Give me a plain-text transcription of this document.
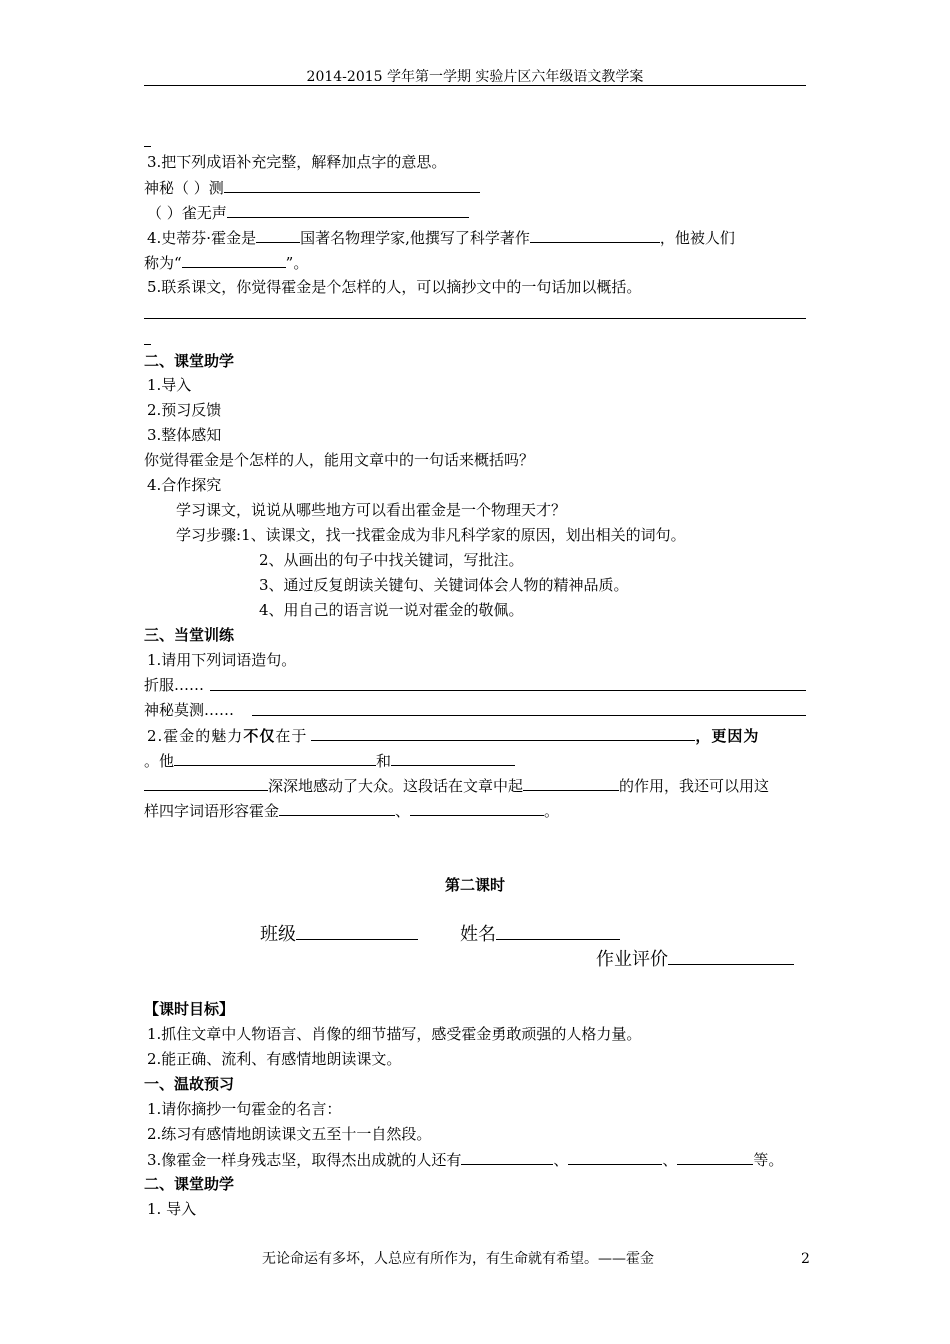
2014-2015 学年第一学期 实验片区六年级语文教学案
3.把下列成语补充完整，解释加点字的意思。
神秘（ ）测
（ ）雀无声
4.史蒂芬·霍金是	国著名物理学家,他撰写了科学著作	，他被人们
称为“	”。
5.联系课文，你觉得霍金是个怎样的人，可以摘抄文中的一句话加以概括。
二、课堂助学
1.导入
2.预习反馈
3.整体感知
你觉得霍金是个怎样的人，能用文章中的一句话来概括吗？
4.合作探究
学习课文，说说从哪些地方可以看出霍金是一个物理天才？
学习步骤:1、读课文，找一找霍金成为非凡科学家的原因，划出相关的词句。
2、从画出的句子中找关键词，写批注。
3、通过反复朗读关键句、关键词体会人物的精神品质。
4、用自己的语言说一说对霍金的敬佩。
三、当堂训练
1.请用下列词语造句。
折服……
神秘莫测……
2.霍金的魅力不仅在于	，更因为
。他	和
深深地感动了大众。这段话在文章中起	的作用，我还可以用这
样四字词语形容霍金	、	。
第二课时
班级	姓名
作业评价
【课时目标】
1.抓住文章中人物语言、肖像的细节描写，感受霍金勇敢顽强的人格力量。
2.能正确、流利、有感情地朗读课文。
一、温故预习
1.请你摘抄一句霍金的名言：
2.练习有感情地朗读课文五至十一自然段。
3.像霍金一样身残志坚，取得杰出成就的人还有	、	、	等。
二、课堂助学
1. 导入
无论命运有多坏，人总应有所作为，有生命就有希望。——霍金	2
